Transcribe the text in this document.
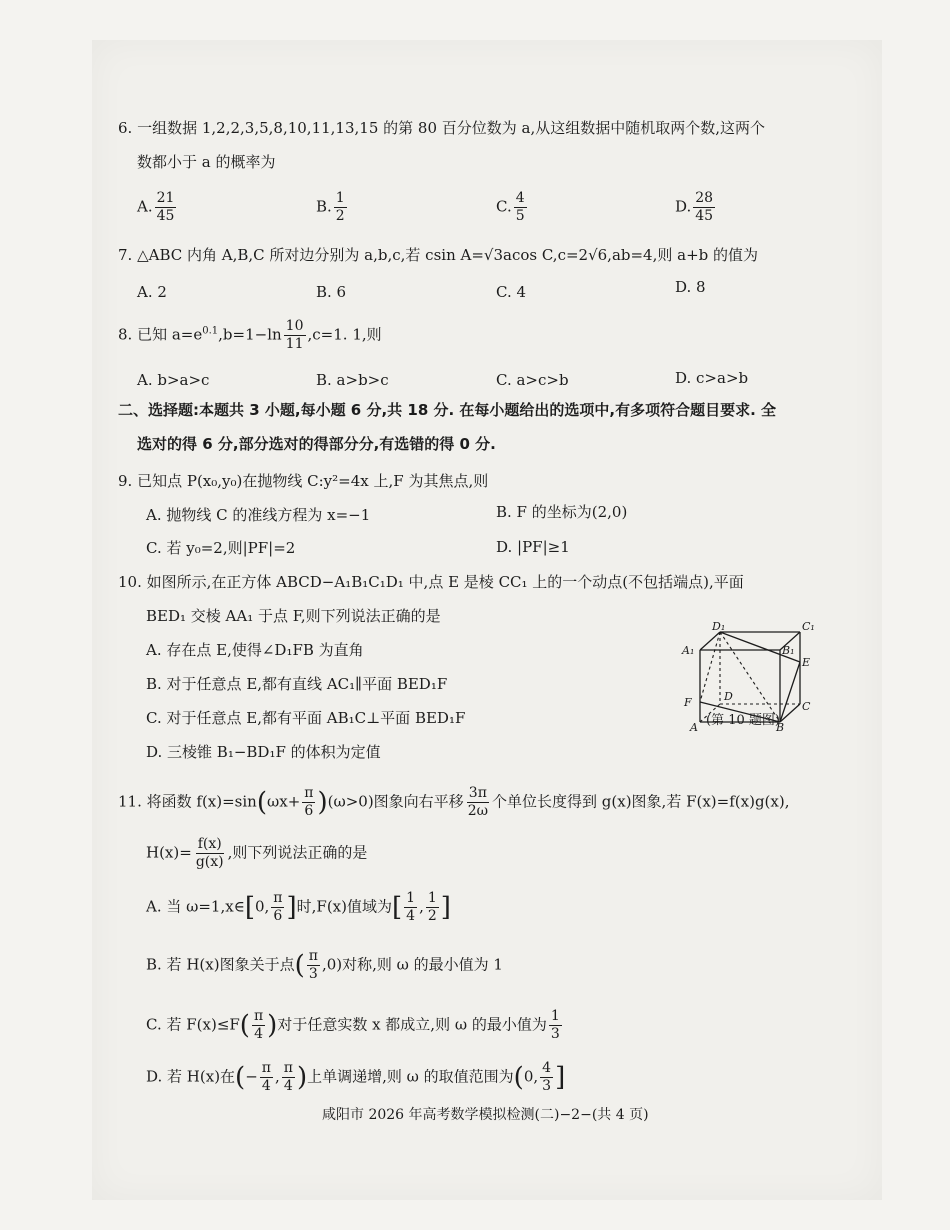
6. 一组数据 1,2,2,3,5,8,10,11,13,15 的第 80 百分位数为 a,从这组数据中随机取两个数,这两个
数都小于 a 的概率为
A. $\frac{21}{45}$	B. $\frac{1}{2}$	C. $\frac{4}{5}$	D. $\frac{28}{45}$
7. △ABC 内角 A,B,C 所对边分别为 a,b,c,若 csin A=√3acos C,c=2√6,ab=4,则 a+b 的值为
A. 2	B. 6	C. 4	D. 8
8. 已知 $a=e^{0.1},b=1-\ln \frac{10}{11} ,c=1$. 1,则
A. b>a>c	B. a>b>c	C. a>c>b	D. c>a>b
二、选择题:本题共 3 小题,每小题 6 分,共 18 分. 在每小题给出的选项中,有多项符合题目要求. 全
选对的得 6 分,部分选对的得部分分,有选错的得 0 分.
9. 已知点 P(x₀,y₀)在抛物线 C:y²=4x 上,F 为其焦点,则
A. 抛物线 C 的准线方程为 x=−1	B. F 的坐标为(2,0)
C. 若 y₀=2,则|PF|=2	D. |PF|≥1
10. 如图所示,在正方体 ABCD−A₁B₁C₁D₁ 中,点 E 是棱 CC₁ 上的一个动点(不包括端点),平面
BED₁ 交棱 AA₁ 于点 F,则下列说法正确的是
A. 存在点 E,使得∠D₁FB 为直角
B. 对于任意点 E,都有直线 AC₁∥平面 BED₁F
C. 对于任意点 E,都有平面 AB₁C⊥平面 BED₁F
D. 三棱锥 B₁−BD₁F 的体积为定值
D₁	C₁
A₁	B₁
E
D
F	C
A	B
(第 10 题图)
11. 将函数 $f(x)=\sin(\omega x+ \frac{\pi}{6} )(\omega>0)$图象向右平移 $\frac{3\pi}{2\omega}$ 个单位长度得到 g(x)图象,若 F(x)=f(x)g(x),
$H(x)= \frac{f(x)}{g(x)}$ ,则下列说法正确的是
A. 当 ω=1,x∈[0, $\frac{\pi}{6}$ ]时,F(x)值域为[ $\frac{1}{4}$ , $\frac{1}{2}$ ]
B. 若 H(x)图象关于点( $\frac{\pi}{3} ,0$)对称,则 ω 的最小值为 1
C. 若 $F(x)\le F( \frac{\pi}{4}$ )对于任意实数 x 都成立,则 ω 的最小值为 $\frac{1}{3}$
D. 若 H(x)在(− $\frac{\pi}{4}$ , $\frac{\pi}{4}$ )上单调递增,则 ω 的取值范围为(0, $\frac{4}{3}$ ]
咸阳市 2026 年高考数学模拟检测(二)−2−(共 4 页)
